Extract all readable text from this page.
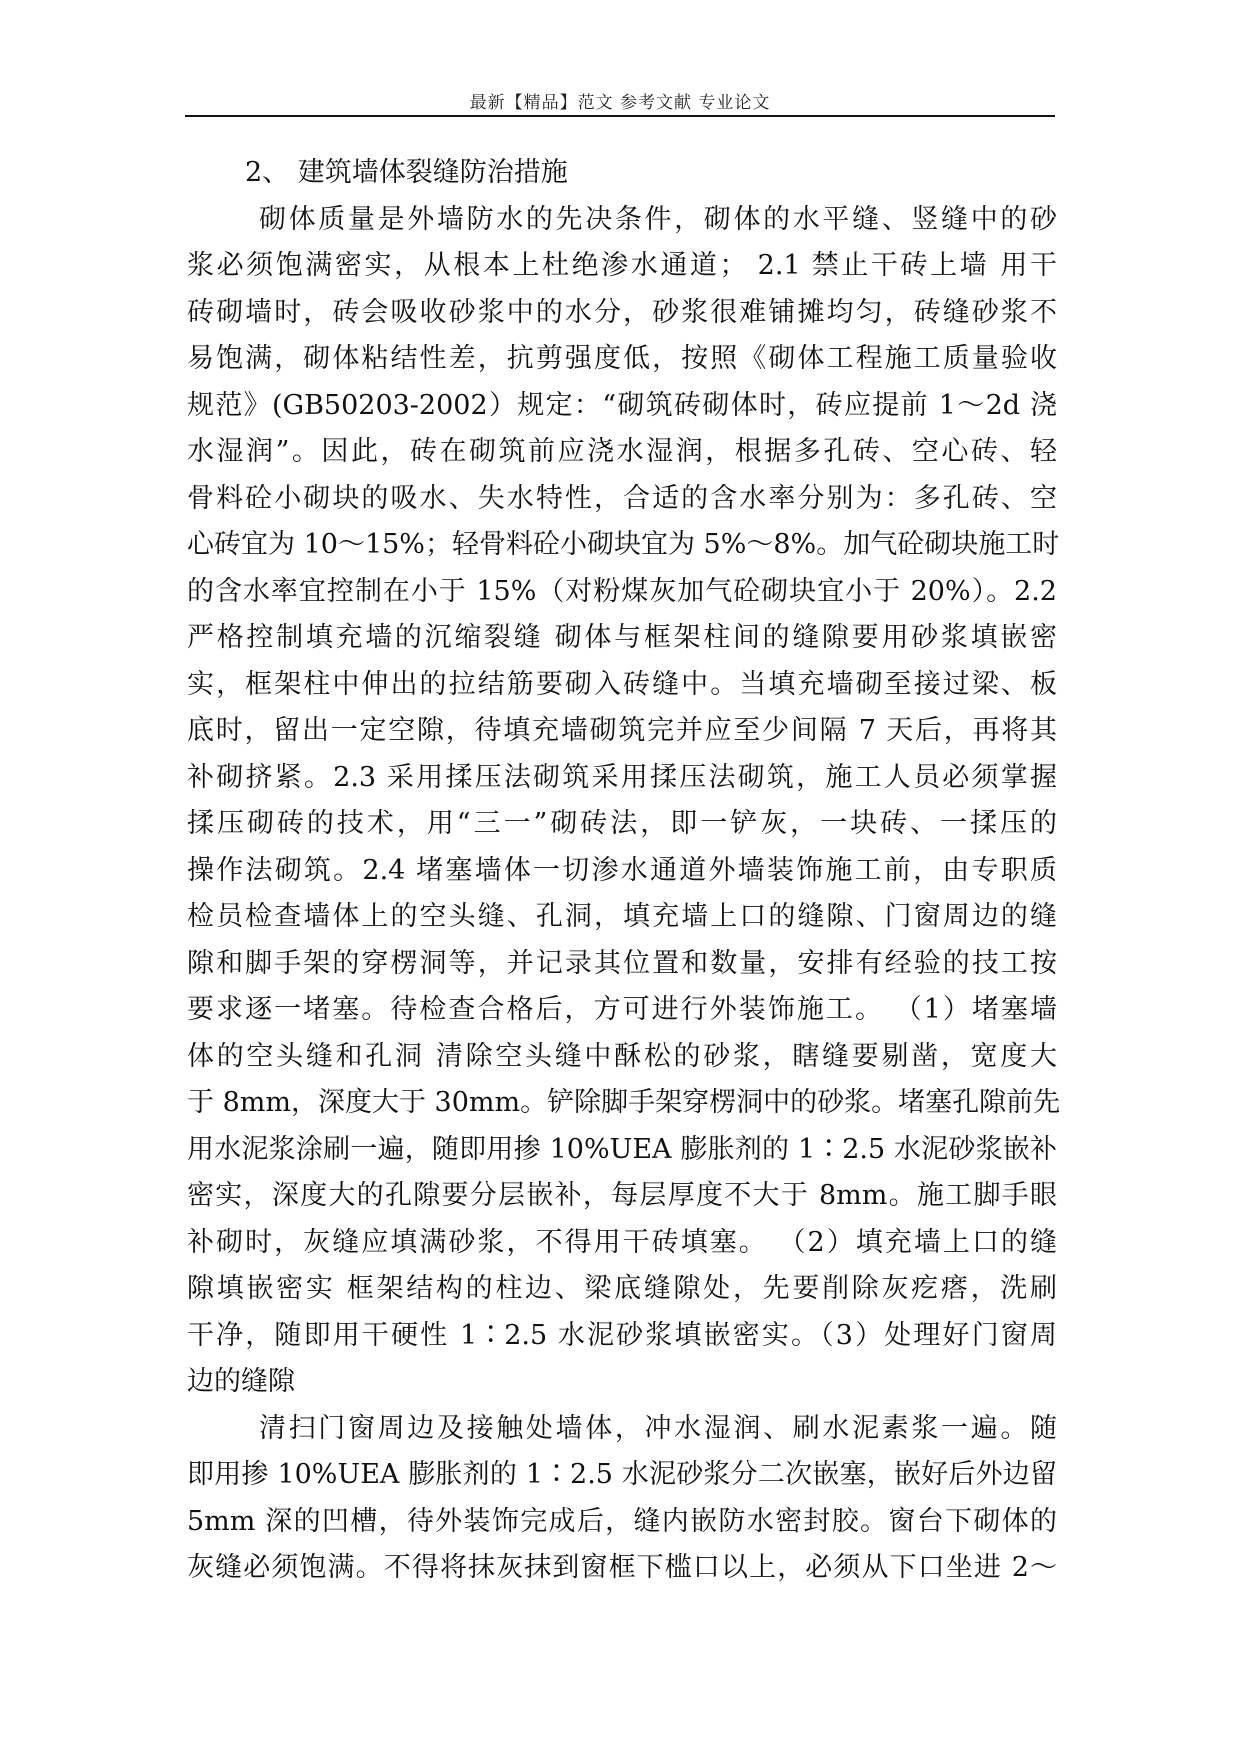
最新【精品】范文 参考文献 专业论文
2、 建筑墙体裂缝防治措施
砌体质量是外墙防水的先决条件，砌体的水平缝、竖缝中的砂
浆必须饱满密实，从根本上杜绝渗水通道； 2.1 禁止干砖上墙 用干
砖砌墙时，砖会吸收砂浆中的水分，砂浆很难铺摊均匀，砖缝砂浆不
易饱满，砌体粘结性差，抗剪强度低，按照《砌体工程施工质量验收
规范》(GB50203-2002）规定：“砌筑砖砌体时，砖应提前 1～2d 浇
水湿润”。因此，砖在砌筑前应浇水湿润，根据多孔砖、空心砖、轻
骨料砼小砌块的吸水、失水特性，合适的含水率分别为：多孔砖、空
心砖宜为 10～15%；轻骨料砼小砌块宜为 5%～8%。加气砼砌块施工时
的含水率宜控制在小于 15%（对粉煤灰加气砼砌块宜小于 20%）。2.2
严格控制填充墙的沉缩裂缝 砌体与框架柱间的缝隙要用砂浆填嵌密
实，框架柱中伸出的拉结筋要砌入砖缝中。当填充墙砌至接过梁、板
底时，留出一定空隙，待填充墙砌筑完并应至少间隔 7 天后，再将其
补砌挤紧。2.3 采用揉压法砌筑采用揉压法砌筑，施工人员必须掌握
揉压砌砖的技术，用“三一”砌砖法，即一铲灰，一块砖、一揉压的
操作法砌筑。2.4 堵塞墙体一切渗水通道外墙装饰施工前，由专职质
检员检查墙体上的空头缝、孔洞，填充墙上口的缝隙、门窗周边的缝
隙和脚手架的穿楞洞等，并记录其位置和数量，安排有经验的技工按
要求逐一堵塞。待检查合格后，方可进行外装饰施工。 （1）堵塞墙
体的空头缝和孔洞 清除空头缝中酥松的砂浆，瞎缝要剔凿，宽度大
于 8mm，深度大于 30mm。铲除脚手架穿楞洞中的砂浆。堵塞孔隙前先
用水泥浆涂刷一遍，随即用掺 10%UEA 膨胀剂的 1∶2.5 水泥砂浆嵌补
密实，深度大的孔隙要分层嵌补，每层厚度不大于 8mm。施工脚手眼
补砌时，灰缝应填满砂浆，不得用干砖填塞。 （2）填充墙上口的缝
隙填嵌密实 框架结构的柱边、梁底缝隙处，先要削除灰疙瘩，洗刷
干净，随即用干硬性 1∶2.5 水泥砂浆填嵌密实。（3）处理好门窗周
边的缝隙
清扫门窗周边及接触处墙体，冲水湿润、刷水泥素浆一遍。随
即用掺 10%UEA 膨胀剂的 1∶2.5 水泥砂浆分二次嵌塞，嵌好后外边留
5mm 深的凹槽，待外装饰完成后，缝内嵌防水密封胶。窗台下砌体的
灰缝必须饱满。不得将抹灰抹到窗框下槛口以上，必须从下口坐进 2～
